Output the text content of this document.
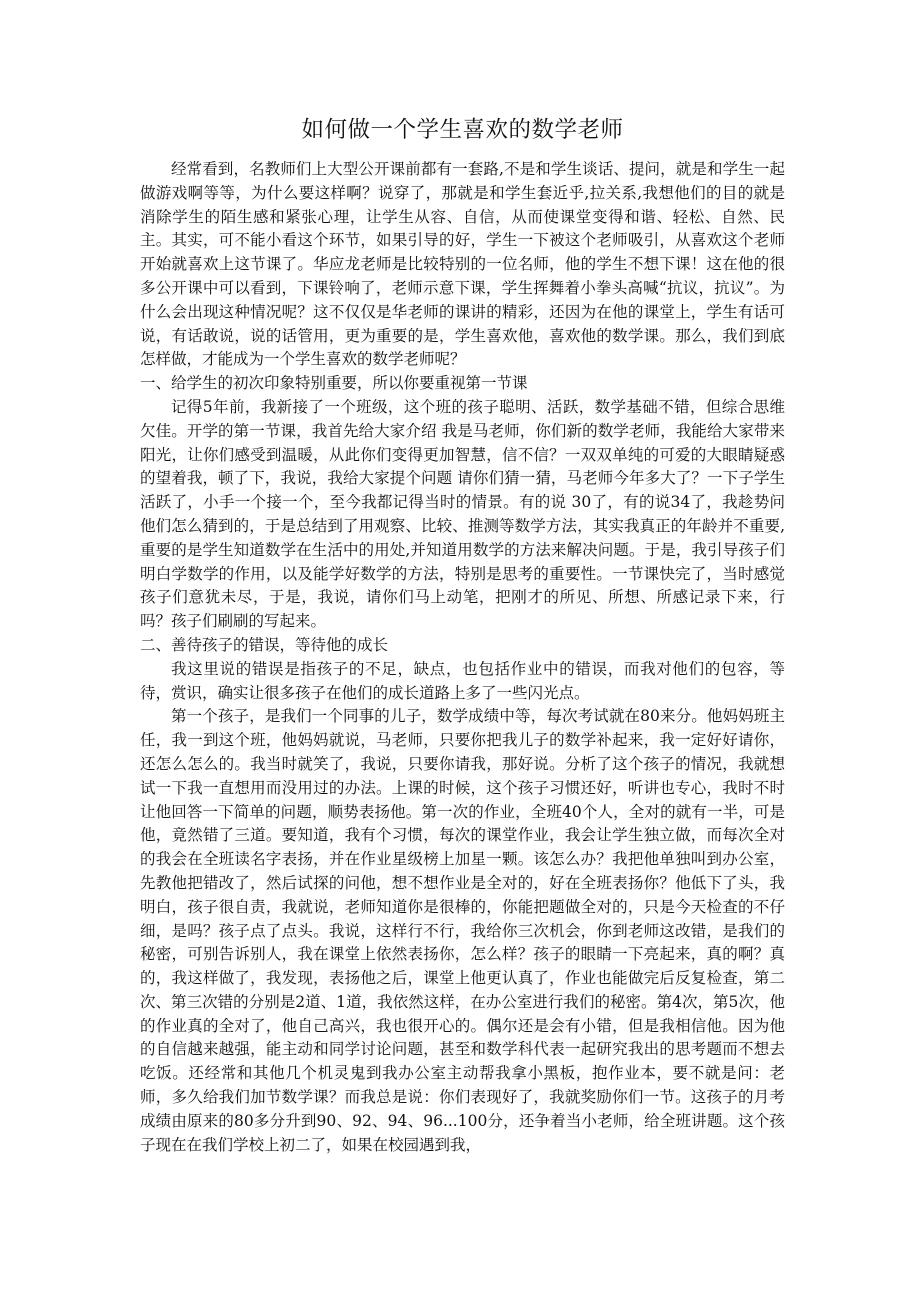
如何做一个学生喜欢的数学老师

经常看到，名教师们上大型公开课前都有一套路,不是和学生谈话、提问，就是和学生一起做游戏啊等等，为什么要这样啊？说穿了，那就是和学生套近乎,拉关系,我想他们的目的就是消除学生的陌生感和紧张心理，让学生从容、自信，从而使课堂变得和谐、轻松、自然、民主。其实，可不能小看这个环节，如果引导的好，学生一下被这个老师吸引，从喜欢这个老师开始就喜欢上这节课了。华应龙老师是比较特别的一位名师，他的学生不想下课！这在他的很多公开课中可以看到，下课铃响了，老师示意下课，学生挥舞着小拳头高喊“抗议，抗议”。为什么会出现这种情况呢？这不仅仅是华老师的课讲的精彩，还因为在他的课堂上，学生有话可说，有话敢说，说的话管用，更为重要的是，学生喜欢他，喜欢他的数学课。那么，我们到底怎样做，才能成为一个学生喜欢的数学老师呢？

一、给学生的初次印象特别重要，所以你要重视第一节课

记得5年前，我新接了一个班级，这个班的孩子聪明、活跃，数学基础不错，但综合思维欠佳。开学的第一节课，我首先给大家介绍 我是马老师，你们新的数学老师，我能给大家带来阳光，让你们感受到温暖，从此你们变得更加智慧，信不信？一双双单纯的可爱的大眼睛疑惑的望着我，顿了下，我说，我给大家提个问题 请你们猜一猜，马老师今年多大了？一下子学生活跃了，小手一个接一个，至今我都记得当时的情景。有的说 30了，有的说34了，我趁势问他们怎么猜到的，于是总结到了用观察、比较、推测等数学方法，其实我真正的年龄并不重要,重要的是学生知道数学在生活中的用处,并知道用数学的方法来解决问题。于是，我引导孩子们明白学数学的作用，以及能学好数学的方法，特别是思考的重要性。一节课快完了，当时感觉孩子们意犹未尽，于是，我说，请你们马上动笔，把刚才的所见、所想、所感记录下来，行吗？孩子们刷刷的写起来。

二、善待孩子的错误，等待他的成长

我这里说的错误是指孩子的不足，缺点，也包括作业中的错误，而我对他们的包容，等待，赏识，确实让很多孩子在他们的成长道路上多了一些闪光点。

第一个孩子，是我们一个同事的儿子，数学成绩中等，每次考试就在80来分。他妈妈班主任，我一到这个班，他妈妈就说，马老师，只要你把我儿子的数学补起来，我一定好好请你，还怎么怎么的。我当时就笑了，我说，只要你请我，那好说。分析了这个孩子的情况，我就想试一下我一直想用而没用过的办法。上课的时候，这个孩子习惯还好，听讲也专心，我时不时让他回答一下简单的问题，顺势表扬他。第一次的作业，全班40个人，全对的就有一半，可是他，竟然错了三道。要知道，我有个习惯，每次的课堂作业，我会让学生独立做，而每次全对的我会在全班读名字表扬，并在作业星级榜上加星一颗。该怎么办？我把他单独叫到办公室，先教他把错改了，然后试探的问他，想不想作业是全对的，好在全班表扬你？他低下了头，我明白，孩子很自责，我就说，老师知道你是很棒的，你能把题做全对的，只是今天检查的不仔细，是吗？孩子点了点头。我说，这样行不行，我给你三次机会，你到老师这改错，是我们的秘密，可别告诉别人，我在课堂上依然表扬你，怎么样？孩子的眼睛一下亮起来，真的啊？真的，我这样做了，我发现，表扬他之后，课堂上他更认真了，作业也能做完后反复检查，第二次、第三次错的分别是2道、1道，我依然这样，在办公室进行我们的秘密。第4次，第5次，他的作业真的全对了，他自己高兴，我也很开心的。偶尔还是会有小错，但是我相信他。因为他的自信越来越强，能主动和同学讨论问题，甚至和数学科代表一起研究我出的思考题而不想去吃饭。还经常和其他几个机灵鬼到我办公室主动帮我拿小黑板，抱作业本，要不就是问：老师，多久给我们加节数学课？而我总是说：你们表现好了，我就奖励你们一节。这孩子的月考成绩由原来的80多分升到90、92、94、96...100分，还争着当小老师，给全班讲题。这个孩子现在在我们学校上初二了，如果在校园遇到我，
